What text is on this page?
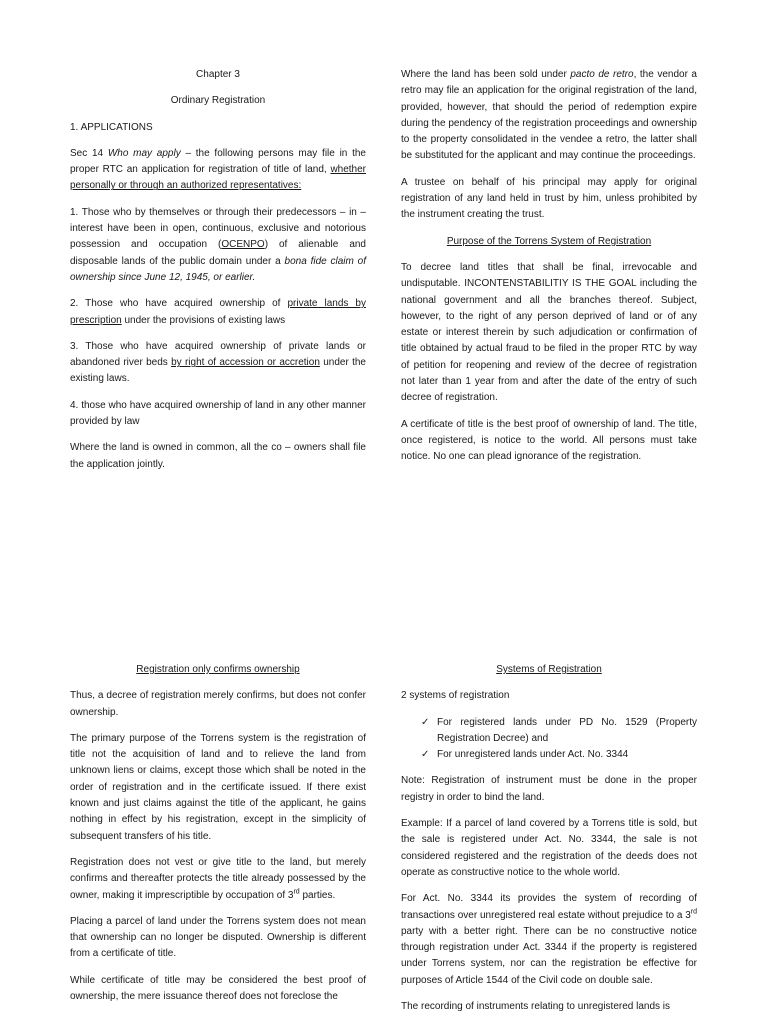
Chapter 3

Ordinary Registration

1. APPLICATIONS

Sec 14 Who may apply – the following persons may file in the proper RTC an application for registration of title of land, whether personally or through an authorized representatives:

1. Those who by themselves or through their predecessors – in – interest have been in open, continuous, exclusive and notorious possession and occupation (OCENPO) of alienable and disposable lands of the public domain under a bona fide claim of ownership since June 12, 1945, or earlier.

2. Those who have acquired ownership of private lands by prescription under the provisions of existing laws

3. Those who have acquired ownership of private lands or abandoned river beds by right of accession or accretion under the existing laws.

4. those who have acquired ownership of land in any other manner provided by law

Where the land is owned in common, all the co – owners shall file the application jointly.

Where the land has been sold under pacto de retro, the vendor a retro may file an application for the original registration of the land, provided, however, that should the period of redemption expire during the pendency of the registration proceedings and ownership to the property consolidated in the vendee a retro, the latter shall be substituted for the applicant and may continue the proceedings.

A trustee on behalf of his principal may apply for original registration of any land held in trust by him, unless prohibited by the instrument creating the trust.

Purpose of the Torrens System of Registration

To decree land titles that shall be final, irrevocable and undisputable. INCONTENSTABILITIY IS THE GOAL including the national government and all the branches thereof. Subject, however, to the right of any person deprived of land or of any estate or interest therein by such adjudication or confirmation of title obtained by actual fraud to be filed in the proper RTC by way of petition for reopening and review of the decree of registration not later than 1 year from and after the date of the entry of such decree of registration.

A certificate of title is the best proof of ownership of land. The title, once registered, is notice to the world. All persons must take notice. No one can plead ignorance of the registration.

Registration only confirms ownership

Thus, a decree of registration merely confirms, but does not confer ownership.

The primary purpose of the Torrens system is the registration of title not the acquisition of land and to relieve the land from unknown liens or claims, except those which shall be noted in the order of registration and in the certificate issued. If there exist known and just claims against the title of the applicant, he gains nothing in effect by his registration, except in the simplicity of subsequent transfers of his title.

Registration does not vest or give title to the land, but merely confirms and thereafter protects the title already possessed by the owner, making it imprescriptible by occupation of 3rd parties.

Placing a parcel of land under the Torrens system does not mean that ownership can no longer be disputed. Ownership is different from a certificate of title.

While certificate of title may be considered the best proof of ownership, the mere issuance thereof does not foreclose the

Systems of Registration

2 systems of registration

✓ For registered lands under PD No. 1529 (Property Registration Decree) and
✓ For unregistered lands under Act. No. 3344

Note: Registration of instrument must be done in the proper registry in order to bind the land.

Example: If a parcel of land covered by a Torrens title is sold, but the sale is registered under Act. No. 3344, the sale is not considered registered and the registration of the deeds does not operate as constructive notice to the whole world.

For Act. No. 3344 its provides the system of recording of transactions over unregistered real estate without prejudice to a 3rd party with a better right. There can be no constructive notice through registration under Act. 3344 if the property is registered under Torrens system, nor can the registration be effective for purposes of Article 1544 of the Civil code on double sale.

The recording of instruments relating to unregistered lands is
